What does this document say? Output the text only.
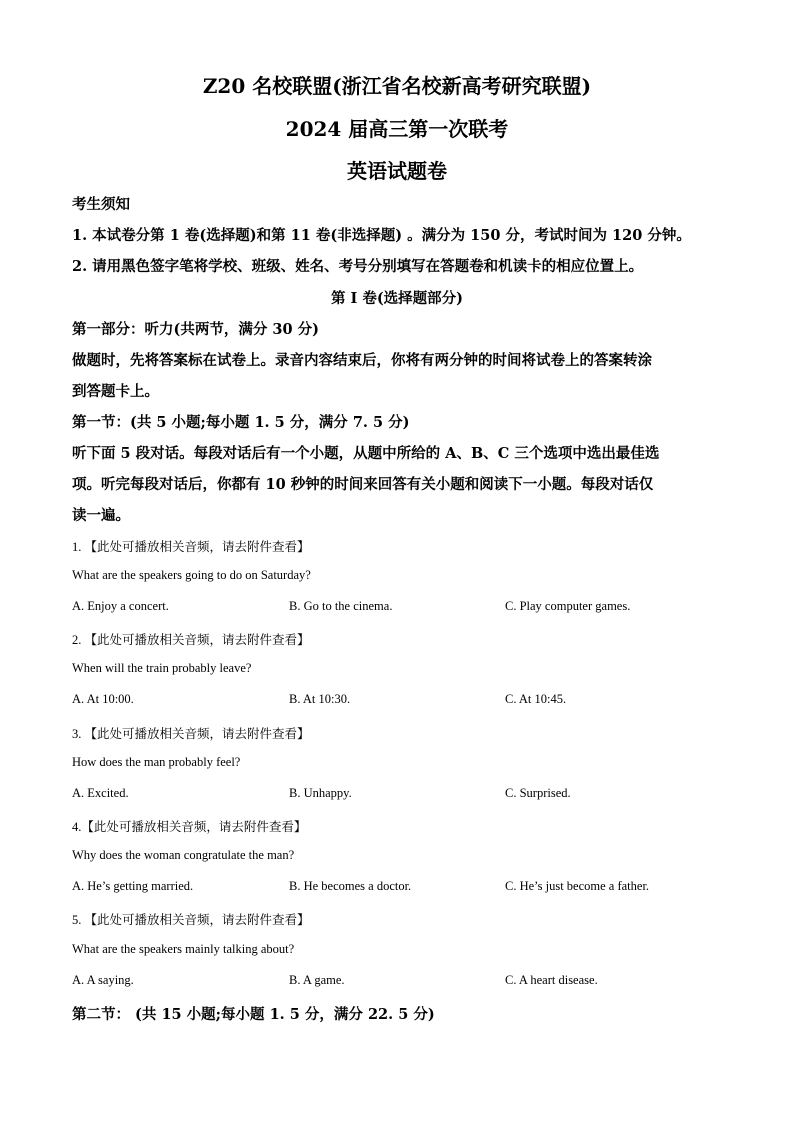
Z20 名校联盟(浙江省名校新高考研究联盟)
2024 届高三第一次联考
英语试题卷
考生须知
1. 本试卷分第 1 卷(选择题)和第 11 卷(非选择题) 。满分为 150 分，考试时间为 120 分钟。
2. 请用黑色签字笔将学校、班级、姓名、考号分别填写在答题卷和机读卡的相应位置上。
第 I 卷(选择题部分)
第一部分：听力(共两节，满分 30 分)
做题时，先将答案标在试卷上。录音内容结束后，你将有两分钟的时间将试卷上的答案转涂
到答题卡上。
第一节：(共 5 小题;每小题 1. 5 分，满分 7. 5 分)
听下面 5 段对话。每段对话后有一个小题，从题中所给的 A、B、C 三个选项中选出最佳选
项。听完每段对话后，你都有 10 秒钟的时间来回答有关小题和阅读下一小题。每段对话仅
读一遍。
1. 【此处可播放相关音频，请去附件查看】
What are the speakers going to do on Saturday?
A. Enjoy a concert.	B. Go to the cinema.	C. Play computer games.
2. 【此处可播放相关音频，请去附件查看】
When will the train probably leave?
A. At 10:00.	B. At 10:30.	C. At 10:45.
3. 【此处可播放相关音频，请去附件查看】
How does the man probably feel?
A. Excited.	B. Unhappy.	C. Surprised.
4.【此处可播放相关音频，请去附件查看】
Why does the woman congratulate the man?
A. He’s getting married.	B. He becomes a doctor.	C. He’s just become a father.
5. 【此处可播放相关音频，请去附件查看】
What are the speakers mainly talking about?
A. A saying.	B. A game.	C. A heart disease.
第二节： (共 15 小题;每小题 1. 5 分，满分 22. 5 分)
